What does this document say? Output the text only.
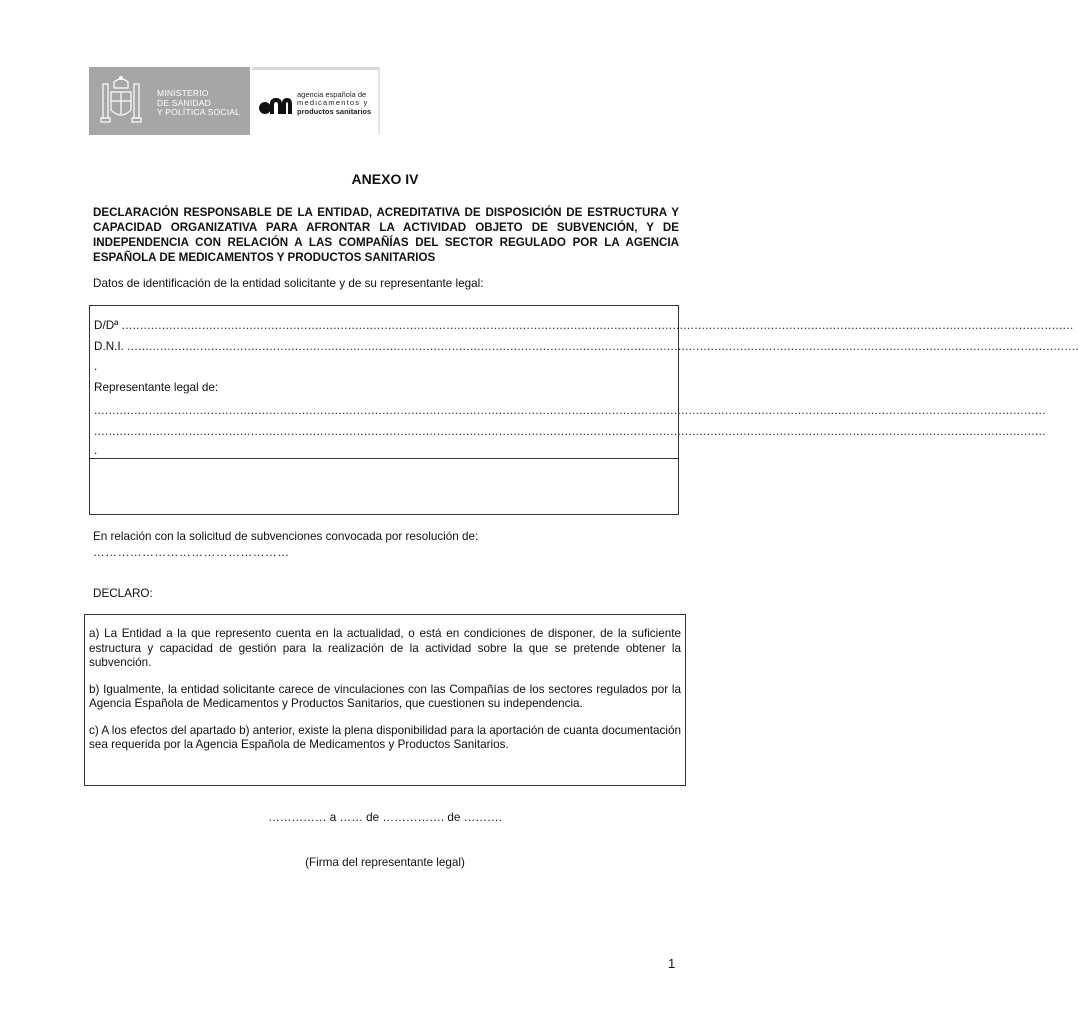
MINISTERIO
DE SANIDAD
Y POLÍTICA SOCIAL
agencia española de
medicamentos y
productos sanitarios
ANEXO IV
DECLARACIÓN RESPONSABLE DE LA ENTIDAD, ACREDITATIVA DE DISPOSICIÓN DE ESTRUCTURA Y CAPACIDAD ORGANIZATIVA PARA AFRONTAR LA ACTIVIDAD OBJETO DE SUBVENCIÓN, Y DE INDEPENDENCIA CON RELACIÓN A LAS COMPAÑÍAS DEL SECTOR REGULADO POR LA AGENCIA ESPAÑOLA DE MEDICAMENTOS Y PRODUCTOS SANITARIOS
Datos de identificación de la entidad solicitante y de su representante legal:
D/Dª .....................................................................................................................................................................................................................................................................
D.N.I. .....................................................................................................................................................................................................................................................................
.
Representante legal de:
.....................................................................................................................................................................................................................................................................
.....................................................................................................................................................................................................................................................................
.
En relación con la solicitud de subvenciones convocada por resolución de:
…………………………………………
DECLARO:

a) La Entidad a la que represento cuenta en la actualidad, o está en condiciones de disponer, de la suficiente estructura y capacidad de gestión para la realización de la actividad sobre la que se pretende obtener la subvención.

b) Igualmente, la entidad solicitante carece de vinculaciones con las Compañías de los sectores regulados por la Agencia Española de Medicamentos y Productos Sanitarios, que cuestionen su independencia.

c) A los efectos del apartado b) anterior, existe la plena disponibilidad para la aportación de cuanta documentación sea requerida por la Agencia Española de Medicamentos y Productos Sanitarios.

…………… a …… de ……………. de ……….
(Firma del representante legal)
1
